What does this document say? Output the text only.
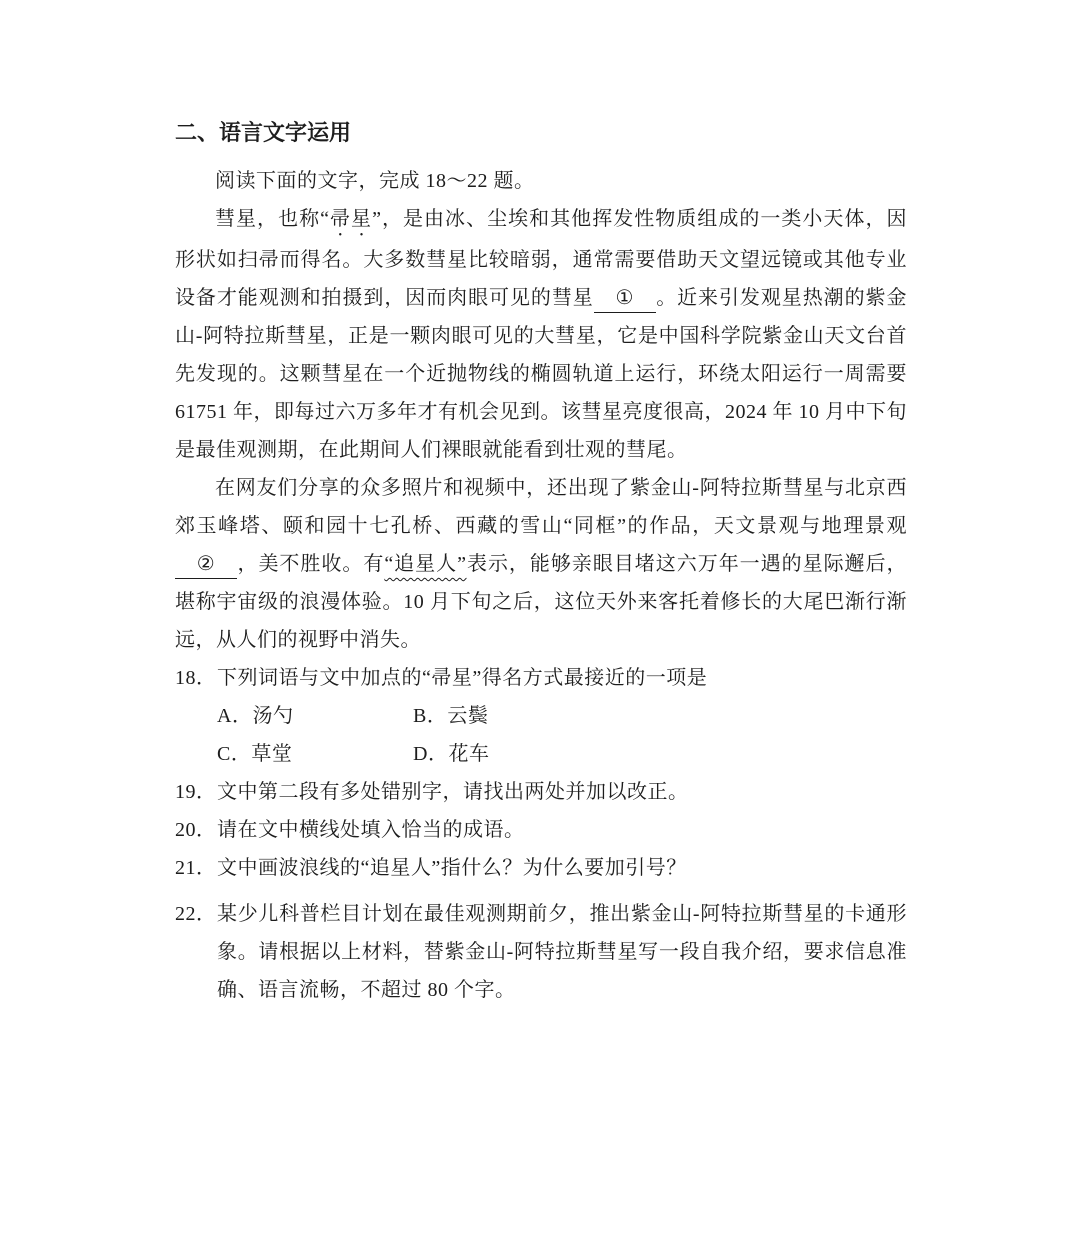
二、语言文字运用

阅读下面的文字，完成 18～22 题。

彗星，也称“帚星”，是由冰、尘埃和其他挥发性物质组成的一类小天体，因形状如扫帚而得名。大多数彗星比较暗弱，通常需要借助天文望远镜或其他专业设备才能观测和拍摄到，因而肉眼可见的彗星 ① 。近来引发观星热潮的紫金山-阿特拉斯彗星，正是一颗肉眼可见的大彗星，它是中国科学院紫金山天文台首先发现的。这颗彗星在一个近抛物线的椭圆轨道上运行，环绕太阳运行一周需要 61751 年，即每过六万多年才有机会见到。该彗星亮度很高，2024 年 10 月中下旬是最佳观测期，在此期间人们裸眼就能看到壮观的彗尾。

在网友们分享的众多照片和视频中，还出现了紫金山-阿特拉斯彗星与北京西郊玉峰塔、颐和园十七孔桥、西藏的雪山“同框”的作品，天文景观与地理景观② ，美不胜收。有“追星人”表示，能够亲眼目堵这六万年一遇的星际邂后，堪称宇宙级的浪漫体验。10 月下旬之后，这位天外来客托着修长的大尾巴渐行渐远，从人们的视野中消失。

18． 下列词语与文中加点的“帚星”得名方式最接近的一项是
A．汤勺	B．云鬓
C．草堂	D．花车
19． 文中第二段有多处错别字，请找出两处并加以改正。
20． 请在文中横线处填入恰当的成语。
21． 文中画波浪线的“追星人”指什么？为什么要加引号？
22． 某少儿科普栏目计划在最佳观测期前夕，推出紫金山-阿特拉斯彗星的卡通形象。请根据以上材料，替紫金山-阿特拉斯彗星写一段自我介绍，要求信息准确、语言流畅，不超过 80 个字。
